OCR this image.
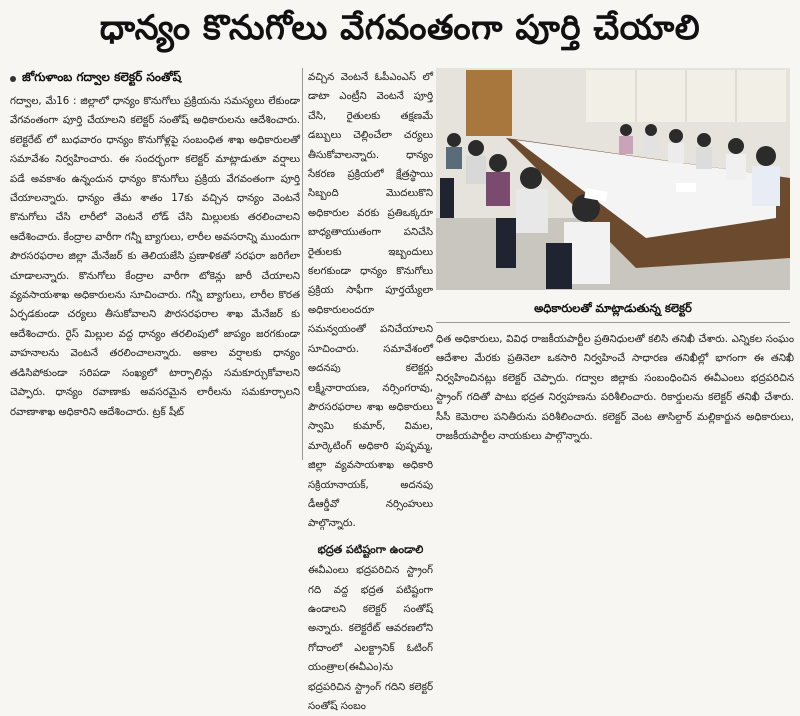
ధాన్యం కొనుగోలు వేగవంతంగా పూర్తి చేయాలి
జోగుళాంబ గద్వాల కలెక్టర్ సంతోష్
గద్వాల, మే16 : జిల్లాలో ధాన్యం కొనుగోలు ప్రక్రియను సమస్యలు లేకుండా వేగవంతంగా పూర్తి చేయాలని కలెక్టర్ సంతోష్ అధికారులను ఆదేశించారు. కలెక్టరేట్ లో బుధవారం ధాన్యం కొనుగోళ్లపై సంబంధిత శాఖ అధికారులతో సమావేశం నిర్వహించారు. ఈ సందర్భంగా కలెక్టర్ మాట్లాడుతూ వర్షాలు పడే అవకాశం ఉన్నందున ధాన్యం కొనుగోలు ప్రక్రియ వేగవంతంగా పూర్తి చేయాలన్నారు. ధాన్యం తేమ శాతం 17కు వచ్చిన ధాన్యం వెంటనే కొనుగోలు చేసి లారీలో వెంటనే లోడ్ చేసి మిల్లులకు తరలించాలని ఆదేశించారు. కేంద్రాల వారీగా గన్నీ బ్యాగులు, లారీల అవసరాన్ని ముందుగా పౌరసరఫరాల జిల్లా మేనేజర్ కు తెలియజేసి ప్రణాళికతో సరఫరా జరిగేలా చూడాలన్నారు. కొనుగోలు కేంద్రాల వారీగా టోకెన్లు జారీ చేయాలని వ్యవసాయశాఖ అధికారులను సూచించారు. గన్నీ బ్యాగులు, లారీల కొరత ఏర్పడకుండా చర్యలు తీసుకోవాలని పౌరసరఫరాల శాఖ మేనేజర్ కు ఆదేశించారు. రైస్ మిల్లుల వద్ద ధాన్యం తరలింపులో జాప్యం జరగకుండా వాహనాలను వెంటనే తరలించాలన్నారు. అకాల వర్షాలకు ధాన్యం తడిసిపోకుండా సరిపడా సంఖ్యలో టార్పాలిన్లు సమకూర్చుకోవాలని చెప్పారు. ధాన్యం రవాణాకు అవసరమైన లారీలను సమకూర్చాలని రవాణాశాఖ అధికారిని ఆదేశించారు. ట్రక్ షీట్
వచ్చిన వెంటనే ఓపీఎంఎస్ లో డాటా ఎంట్రీని వెంటనే పూర్తి చేసి, రైతులకు తక్షణమే డబ్బులు చెల్లించేలా చర్యలు తీసుకోవాలన్నారు. ధాన్యం సేకరణ ప్రక్రియలో క్షేత్రస్థాయి సిబ్బంది మొదలుకొని అధికారుల వరకు ప్రతిఒక్కరూ బాధ్యతాయుతంగా పనిచేసి రైతులకు ఇబ్బందులు కలగకుండా ధాన్యం కొనుగోలు ప్రక్రియ సాఫీగా పూర్తయ్యేలా అధికారులందరూ సమన్వయంతో పనిచేయాలని సూచించారు. సమావేశంలో అదనపు కలెక్టర్లు లక్ష్మీనారాయణ, నర్సింగరావు, పౌరసరఫరాల శాఖ అధికారులు స్వామి కుమార్, విమల, మార్కెటింగ్ అధికారి పుష్పమ్మ, జిల్లా వ్యవసాయశాఖ అధికారి సక్రియానాయక్, అదనపు డీఆర్డీవో నర్సింహులు పాల్గొన్నారు.
భద్రత పటిష్టంగా ఉండాలి
ఈవీఎంలు భద్రపరిచిన స్ట్రాంగ్ గది వద్ద భద్రత పటిష్టంగా ఉండాలని కలెక్టర్ సంతోష్ అన్నారు. కలెక్టరేట్ ఆవరణలోని గోదాంలో ఎలక్ట్రానిక్ ఓటింగ్ యంత్రాల(ఈవీఎం)ను భద్రపరిచిన స్ట్రాంగ్ గదిని కలెక్టర్ సంతోష్ సంబం
అధికారులతో మాట్లాడుతున్న కలెక్టర్
ధిత అధికారులు, వివిధ రాజకీయపార్టీల ప్రతినిధులతో కలిసి తనిఖీ చేశారు. ఎన్నికల సంఘం ఆదేశాల మేరకు ప్రతినెలా ఒకసారి నిర్వహించే సాధారణ తనిఖీల్లో భాగంగా ఈ తనిఖీ నిర్వహించినట్లు కలెక్టర్ చెప్పారు. గద్వాల జిల్లాకు సంబంధించిన ఈవీఎంలు భద్రపరిచిన స్ట్రాంగ్ గదితో పాటు భద్రత నిర్వహణను పరిశీలించారు. రికార్డులను కలెక్టర్ తనిఖీ చేశారు. సీసీ కెమెరాల పనితీరును పరిశీలించారు. కలెక్టర్ వెంట తాసిల్దార్ మల్లికార్జున అధికారులు, రాజకీయపార్టీల నాయకులు పాల్గొన్నారు.
